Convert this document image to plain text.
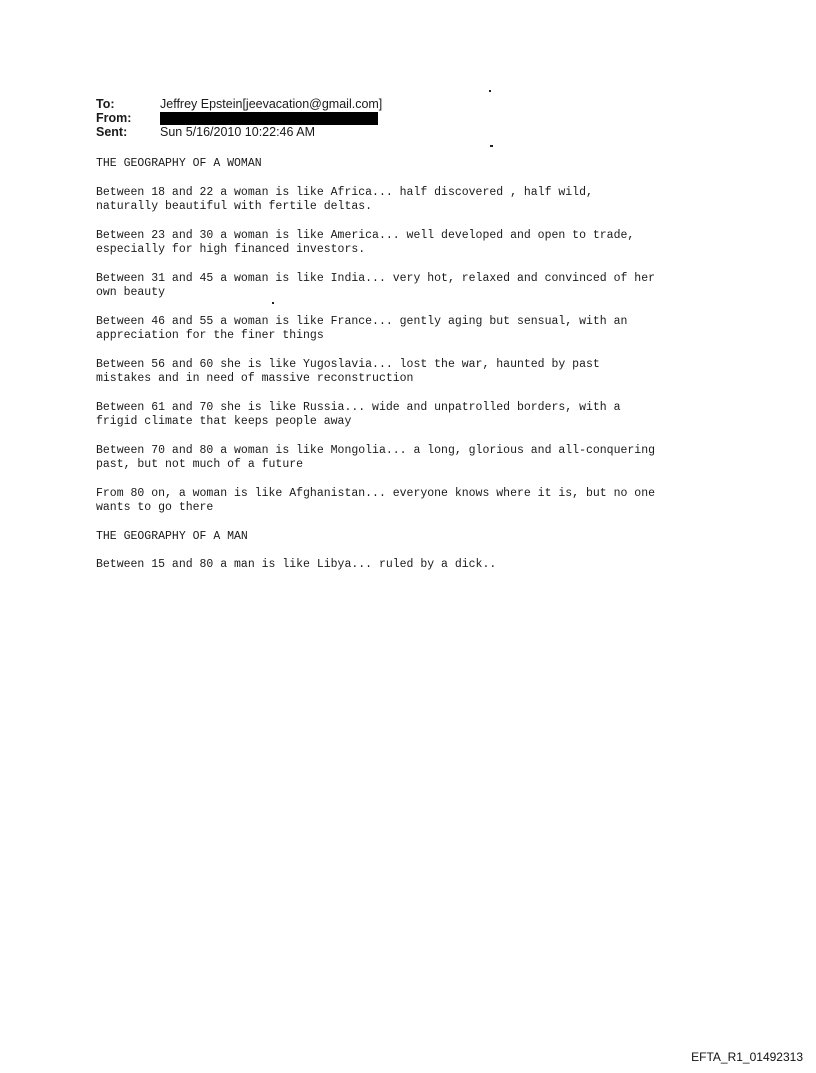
To:	Jeffrey Epstein[jeevacation@gmail.com]
From:
Sent:	Sun 5/16/2010 10:22:46 AM

THE GEOGRAPHY OF A WOMAN

Between 18 and 22 a woman is like Africa... half discovered , half wild,
naturally beautiful with fertile deltas.

Between 23 and 30 a woman is like America... well developed and open to trade,
especially for high financed investors.

Between 31 and 45 a woman is like India... very hot, relaxed and convinced of her
own beauty

Between 46 and 55 a woman is like France... gently aging but sensual, with an
appreciation for the finer things

Between 56 and 60 she is like Yugoslavia... lost the war, haunted by past
mistakes and in need of massive reconstruction

Between 61 and 70 she is like Russia... wide and unpatrolled borders, with a
frigid climate that keeps people away

Between 70 and 80 a woman is like Mongolia... a long, glorious and all-conquering
past, but not much of a future

From 80 on, a woman is like Afghanistan... everyone knows where it is, but no one
wants to go there

THE GEOGRAPHY OF A MAN

Between 15 and 80 a man is like Libya... ruled by a dick..

EFTA_R1_01492313
